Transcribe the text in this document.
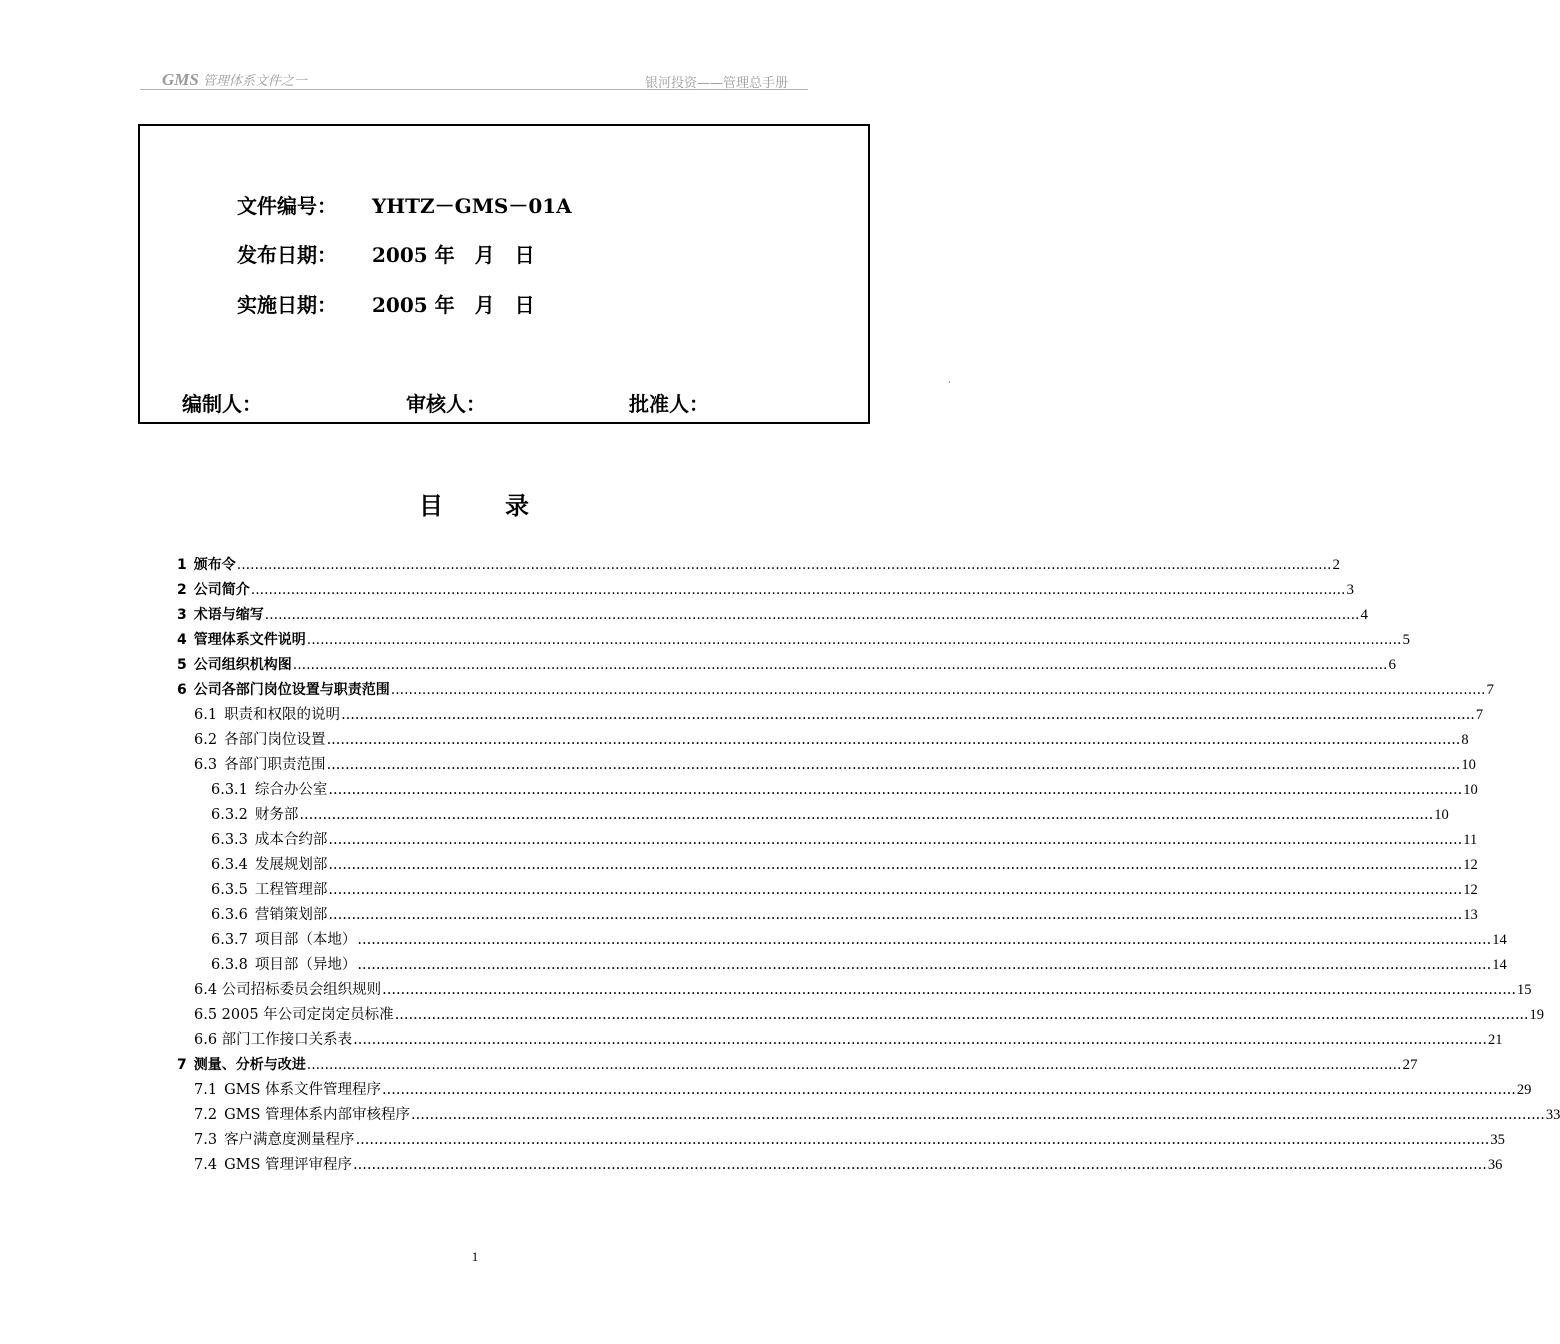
GMS 管理体系文件之一	银河投资——管理总手册
文件编号： YHTZ－GMS－01A
发布日期： 2005 年　月　日
实施日期： 2005 年　月　日
编制人：	审核人：	批准人：
·
目	录
1 颁布令 .....	2
2 公司简介 .....	3
3 术语与缩写 .....	4
4 管理体系文件说明 .....	5
5 公司组织机构图 .....	6
6 公司各部门岗位设置与职责范围 .....	7
6.1 职责和权限的说明 .....	7
6.2 各部门岗位设置 .....	8
6.3 各部门职责范围 .....	10
6.3.1 综合办公室 .....	10
6.3.2 财务部 .....	10
6.3.3 成本合约部 .....	11
6.3.4 发展规划部 .....	12
6.3.5 工程管理部 .....	12
6.3.6 营销策划部 .....	13
6.3.7 项目部（本地） .....	14
6.3.8 项目部（异地） .....	14
6.4 公司招标委员会组织规则 .....	15
6.5 2005 年公司定岗定员标准 .....	19
6.6 部门工作接口关系表 .....	21
7 测量、分析与改进 .....	27
7.1 GMS 体系文件管理程序 .....	29
7.2 GMS 管理体系内部审核程序 .....	33
7.3 客户满意度测量程序 .....	35
7.4 GMS 管理评审程序 .....	36
1
